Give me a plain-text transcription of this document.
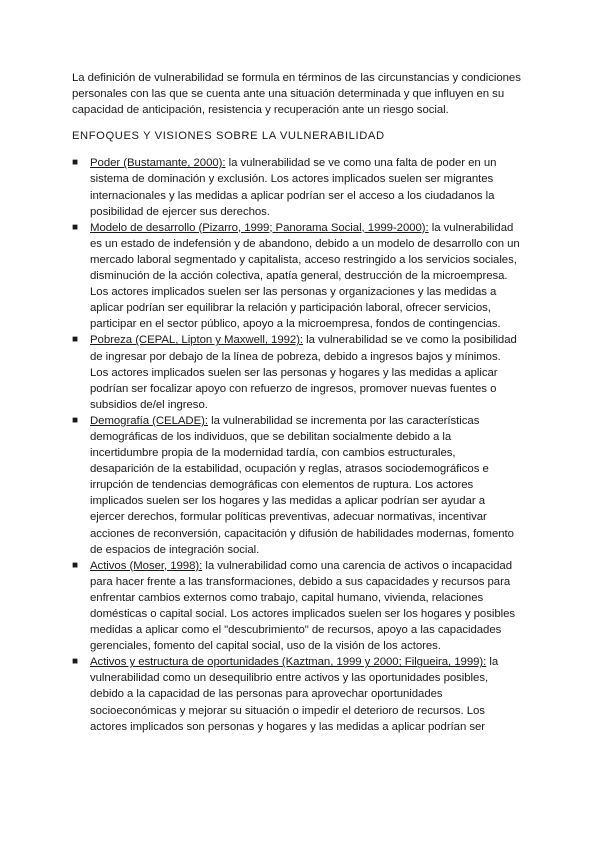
La definición de vulnerabilidad se formula en términos de las circunstancias y condiciones personales con las que se cuenta ante una situación determinada y que influyen en su capacidad de anticipación, resistencia y recuperación ante un riesgo social.

ENFOQUES Y VISIONES SOBRE LA VULNERABILIDAD

■ Poder (Bustamante, 2000): la vulnerabilidad se ve como una falta de poder en un sistema de dominación y exclusión. Los actores implicados suelen ser migrantes internacionales y las medidas a aplicar podrían ser el acceso a los ciudadanos la posibilidad de ejercer sus derechos.
■ Modelo de desarrollo (Pizarro, 1999; Panorama Social, 1999-2000): la vulnerabilidad es un estado de indefensión y de abandono, debido a un modelo de desarrollo con un mercado laboral segmentado y capitalista, acceso restringido a los servicios sociales, disminución de la acción colectiva, apatía general, destrucción de la microempresa. Los actores implicados suelen ser las personas y organizaciones y las medidas a aplicar podrían ser equilibrar la relación y participación laboral, ofrecer servicios, participar en el sector público, apoyo a la microempresa, fondos de contingencias.
■ Pobreza (CEPAL, Lipton y Maxwell, 1992): la vulnerabilidad se ve como la posibilidad de ingresar por debajo de la línea de pobreza, debido a ingresos bajos y mínimos. Los actores implicados suelen ser las personas y hogares y las medidas a aplicar podrían ser focalizar apoyo con refuerzo de ingresos, promover nuevas fuentes o subsidios de/el ingreso.
■ Demografía (CELADE): la vulnerabilidad se incrementa por las características demográficas de los individuos, que se debilitan socialmente debido a la incertidumbre propia de la modernidad tardía, con cambios estructurales, desaparición de la estabilidad, ocupación y reglas, atrasos sociodemográficos e irrupción de tendencias demográficas con elementos de ruptura. Los actores implicados suelen ser los hogares y las medidas a aplicar podrían ser ayudar a ejercer derechos, formular políticas preventivas, adecuar normativas, incentivar acciones de reconversión, capacitación y difusión de habilidades modernas, fomento de espacios de integración social.
■ Activos (Moser, 1998): la vulnerabilidad como una carencia de activos o incapacidad para hacer frente a las transformaciones, debido a sus capacidades y recursos para enfrentar cambios externos como trabajo, capital humano, vivienda, relaciones domésticas o capital social. Los actores implicados suelen ser los hogares y posibles medidas a aplicar como el "descubrimiento" de recursos, apoyo a las capacidades gerenciales, fomento del capital social, uso de la visión de los actores.
■ Activos y estructura de oportunidades (Kaztman, 1999 y 2000; Filgueira, 1999): la vulnerabilidad como un desequilibrio entre activos y las oportunidades posibles, debido a la capacidad de las personas para aprovechar oportunidades socioeconómicas y mejorar su situación o impedir el deterioro de recursos. Los actores implicados son personas y hogares y las medidas a aplicar podrían ser
